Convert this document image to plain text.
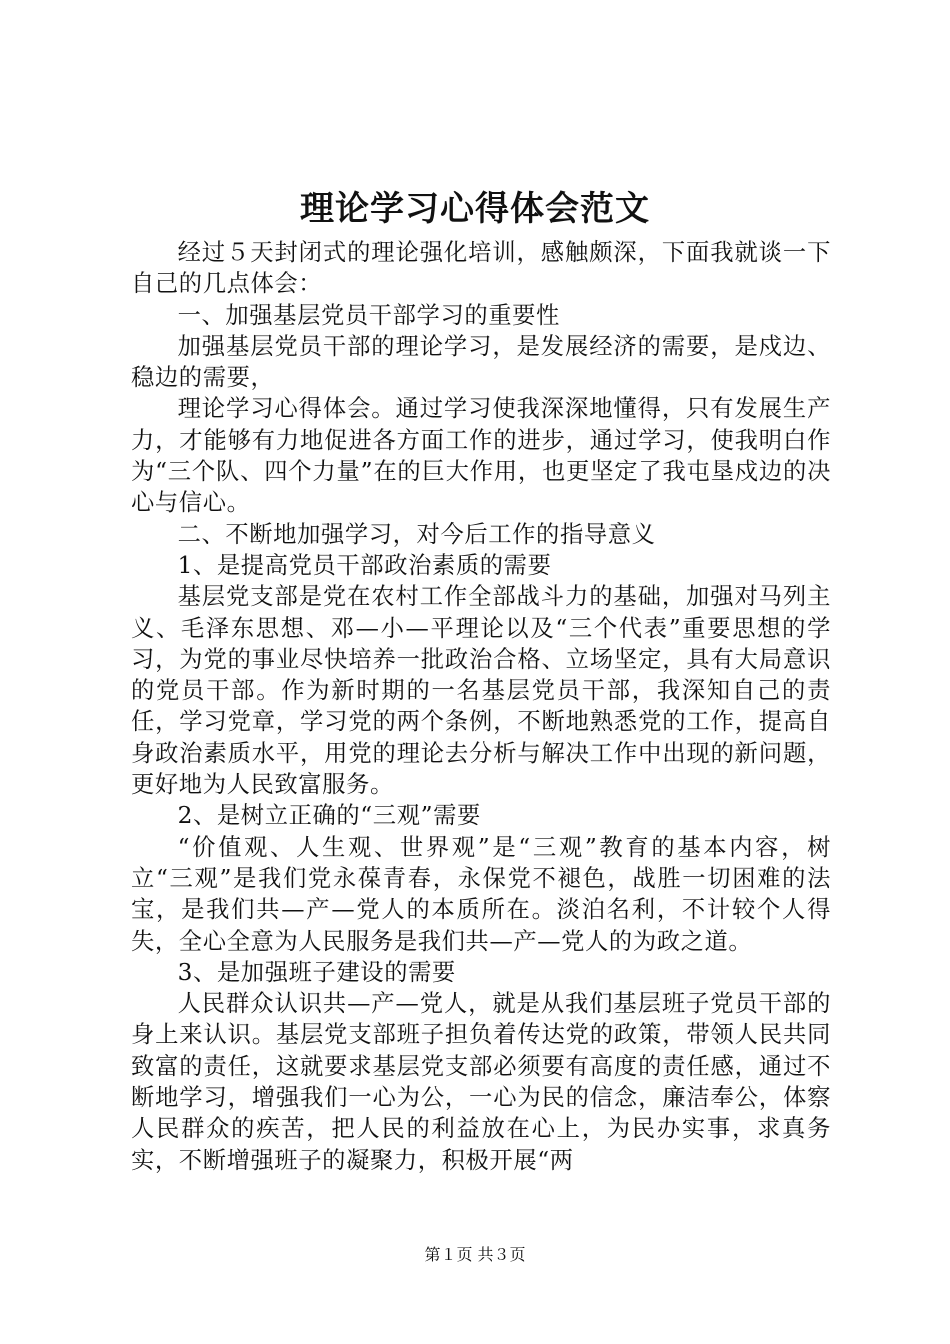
理论学习心得体会范文

经过５天封闭式的理论强化培训，感触颇深，下面我就谈一下自己的几点体会：

一、加强基层党员干部学习的重要性

加强基层党员干部的理论学习，是发展经济的需要，是戍边、稳边的需要，

理论学习心得体会。通过学习使我深深地懂得，只有发展生产力，才能够有力地促进各方面工作的进步，通过学习，使我明白作为“三个队、四个力量”在的巨大作用，也更坚定了我屯垦戍边的决心与信心。

二、不断地加强学习，对今后工作的指导意义

1、是提高党员干部政治素质的需要

基层党支部是党在农村工作全部战斗力的基础，加强对马列主义、毛泽东思想、邓—小—平理论以及“三个代表”重要思想的学习，为党的事业尽快培养一批政治合格、立场坚定，具有大局意识的党员干部。作为新时期的一名基层党员干部，我深知自己的责任，学习党章，学习党的两个条例，不断地熟悉党的工作，提高自身政治素质水平，用党的理论去分析与解决工作中出现的新问题，更好地为人民致富服务。

2、是树立正确的“三观”需要

“价值观、人生观、世界观”是“三观”教育的基本内容，树立“三观”是我们党永葆青春，永保党不褪色，战胜一切困难的法宝，是我们共—产—党人的本质所在。淡泊名利，不计较个人得失，全心全意为人民服务是我们共—产—党人的为政之道。

3、是加强班子建设的需要

人民群众认识共—产—党人，就是从我们基层班子党员干部的身上来认识。基层党支部班子担负着传达党的政策，带领人民共同致富的责任，这就要求基层党支部必须要有高度的责任感，通过不断地学习，增强我们一心为公，一心为民的信念，廉洁奉公，体察人民群众的疾苦，把人民的利益放在心上，为民办实事，求真务实，不断增强班子的凝聚力，积极开展“两

第１页 共３页
